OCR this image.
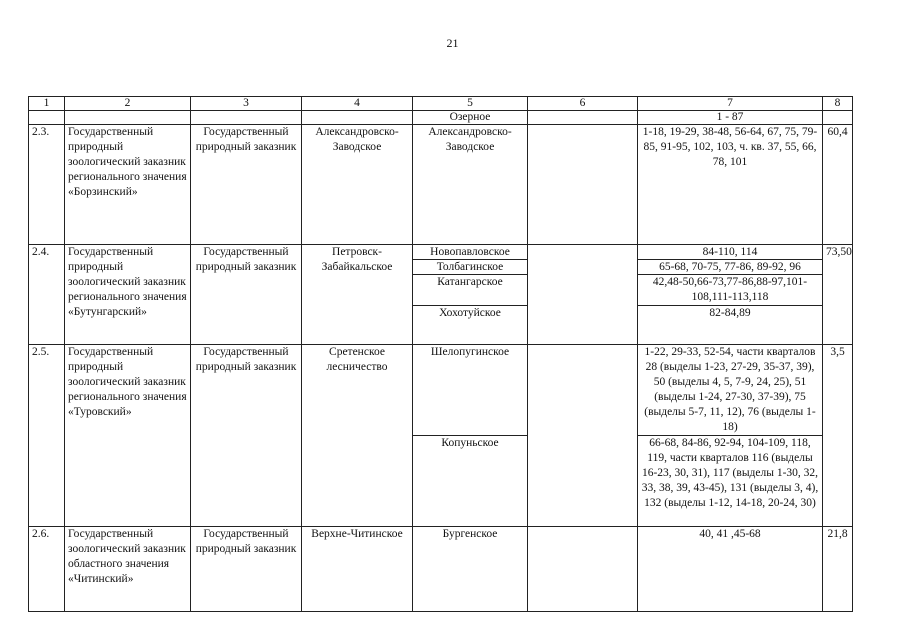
21
1	2	3	4	5	6	7	8
				Озерное		1 - 87	
2.3.	Государственный природный зоологический заказник регионального значения «Борзинский»	Государственный природный заказник	Александровско-Заводское	Александровско-Заводское		1-18, 19-29, 38-48, 56-64, 67, 75, 79-85, 91-95, 102, 103, ч. кв. 37, 55, 66, 78, 101	60,4
2.4.	Государственный природный зоологический заказник регионального значения «Бутунгарский»	Государственный природный заказник	Петровск-Забайкальское	Новопавловское		84-110, 114	73,50
				Толбагинское		65-68, 70-75, 77-86, 89-92, 96	
				Катангарское		42,48-50,66-73,77-86,88-97,101-108,111-113,118	
				Хохотуйское		82-84,89	
2.5.	Государственный природный зоологический заказник регионального значения «Туровский»	Государственный природный заказник	Сретенское лесничество	Шелопугинское		1-22, 29-33, 52-54, части кварталов 28 (выделы 1-23, 27-29, 35-37, 39), 50 (выделы 4, 5, 7-9, 24, 25), 51 (выделы 1-24, 27-30, 37-39), 75 (выделы 5-7, 11, 12), 76 (выделы 1-18)	3,5
				Копуньское		66-68, 84-86, 92-94, 104-109, 118, 119, части кварталов 116 (выделы 16-23, 30, 31), 117 (выделы 1-30, 32, 33, 38, 39, 43-45), 131 (выделы 3, 4), 132 (выделы 1-12, 14-18, 20-24, 30)	
2.6.	Государственный зоологический заказник областного значения «Читинский»	Государственный природный заказник	Верхне-Читинское	Бургенское		40, 41 ,45-68	21,8
